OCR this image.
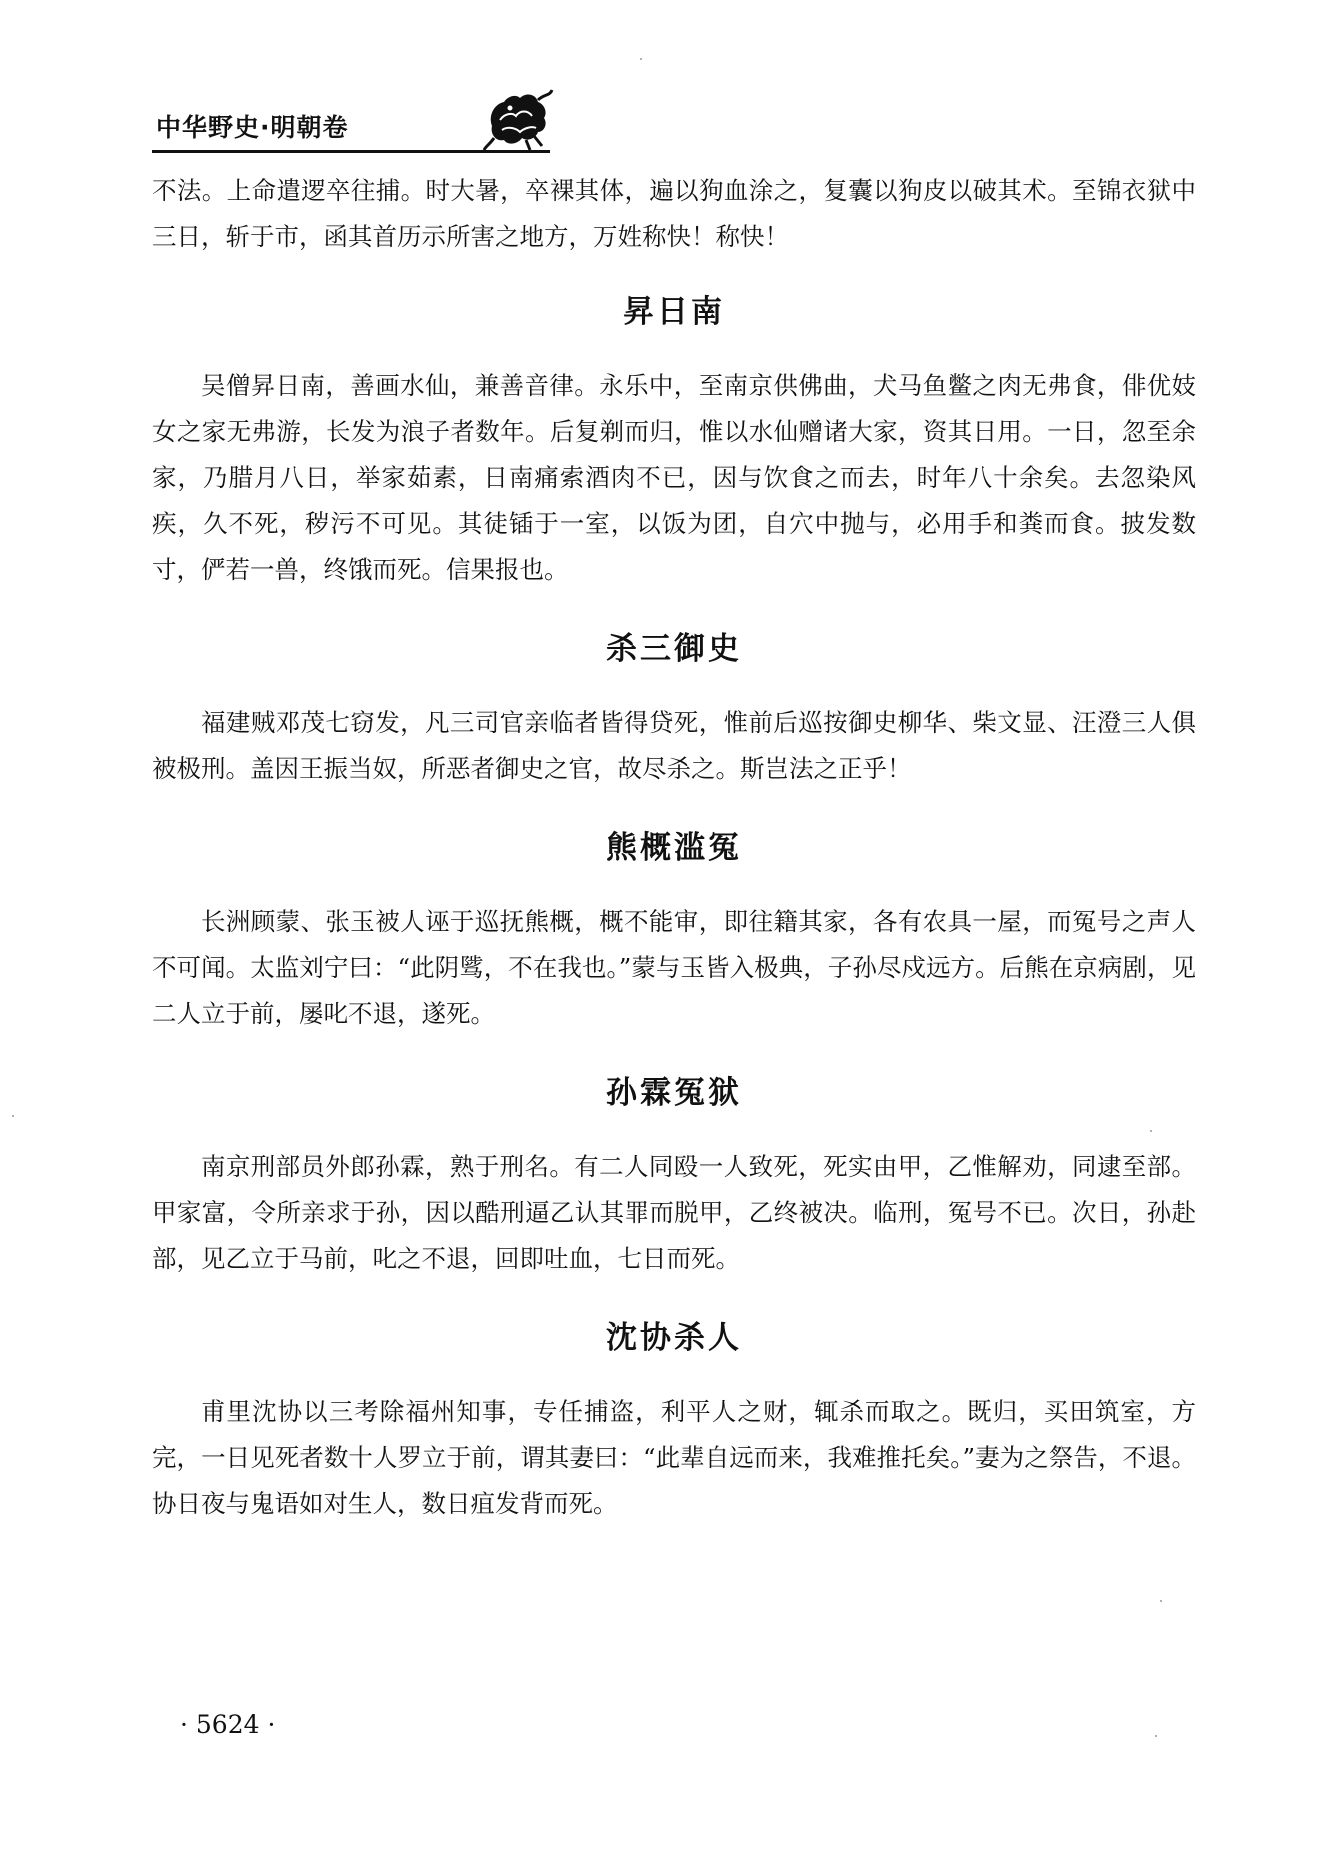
中华野史·明朝卷

不法。上命遣逻卒往捕。时大暑，卒裸其体，遍以狗血涂之，复囊以狗皮以破其术。至锦衣狱中三日，斩于市，函其首历示所害之地方，万姓称快！称快！

昇日南

吴僧昇日南，善画水仙，兼善音律。永乐中，至南京供佛曲，犬马鱼鳖之肉无弗食，俳优妓女之家无弗游，长发为浪子者数年。后复剃而归，惟以水仙赠诸大家，资其日用。一日，忽至余家，乃腊月八日，举家茹素，日南痛索酒肉不已，因与饮食之而去，时年八十余矣。去忽染风疾，久不死，秽污不可见。其徒锸于一室，以饭为团，自穴中抛与，必用手和粪而食。披发数寸，俨若一兽，终饿而死。信果报也。

杀三御史

福建贼邓茂七窃发，凡三司官亲临者皆得贷死，惟前后巡按御史柳华、柴文显、汪澄三人俱被极刑。盖因王振当奴，所恶者御史之官，故尽杀之。斯岂法之正乎！

熊概滥冤

长洲顾蒙、张玉被人诬于巡抚熊概，概不能审，即往籍其家，各有农具一屋，而冤号之声人不可闻。太监刘宁曰：“此阴骘，不在我也。”蒙与玉皆入极典，子孙尽戍远方。后熊在京病剧，见二人立于前，屡叱不退，遂死。

孙霖冤狱

南京刑部员外郎孙霖，熟于刑名。有二人同殴一人致死，死实由甲，乙惟解劝，同逮至部。甲家富，令所亲求于孙，因以酷刑逼乙认其罪而脱甲，乙终被决。临刑，冤号不已。次日，孙赴部，见乙立于马前，叱之不退，回即吐血，七日而死。

沈协杀人

甫里沈协以三考除福州知事，专任捕盗，利平人之财，辄杀而取之。既归，买田筑室，方完，一日见死者数十人罗立于前，谓其妻曰：“此辈自远而来，我难推托矣。”妻为之祭告，不退。协日夜与鬼语如对生人，数日疽发背而死。

· 5624 ·
